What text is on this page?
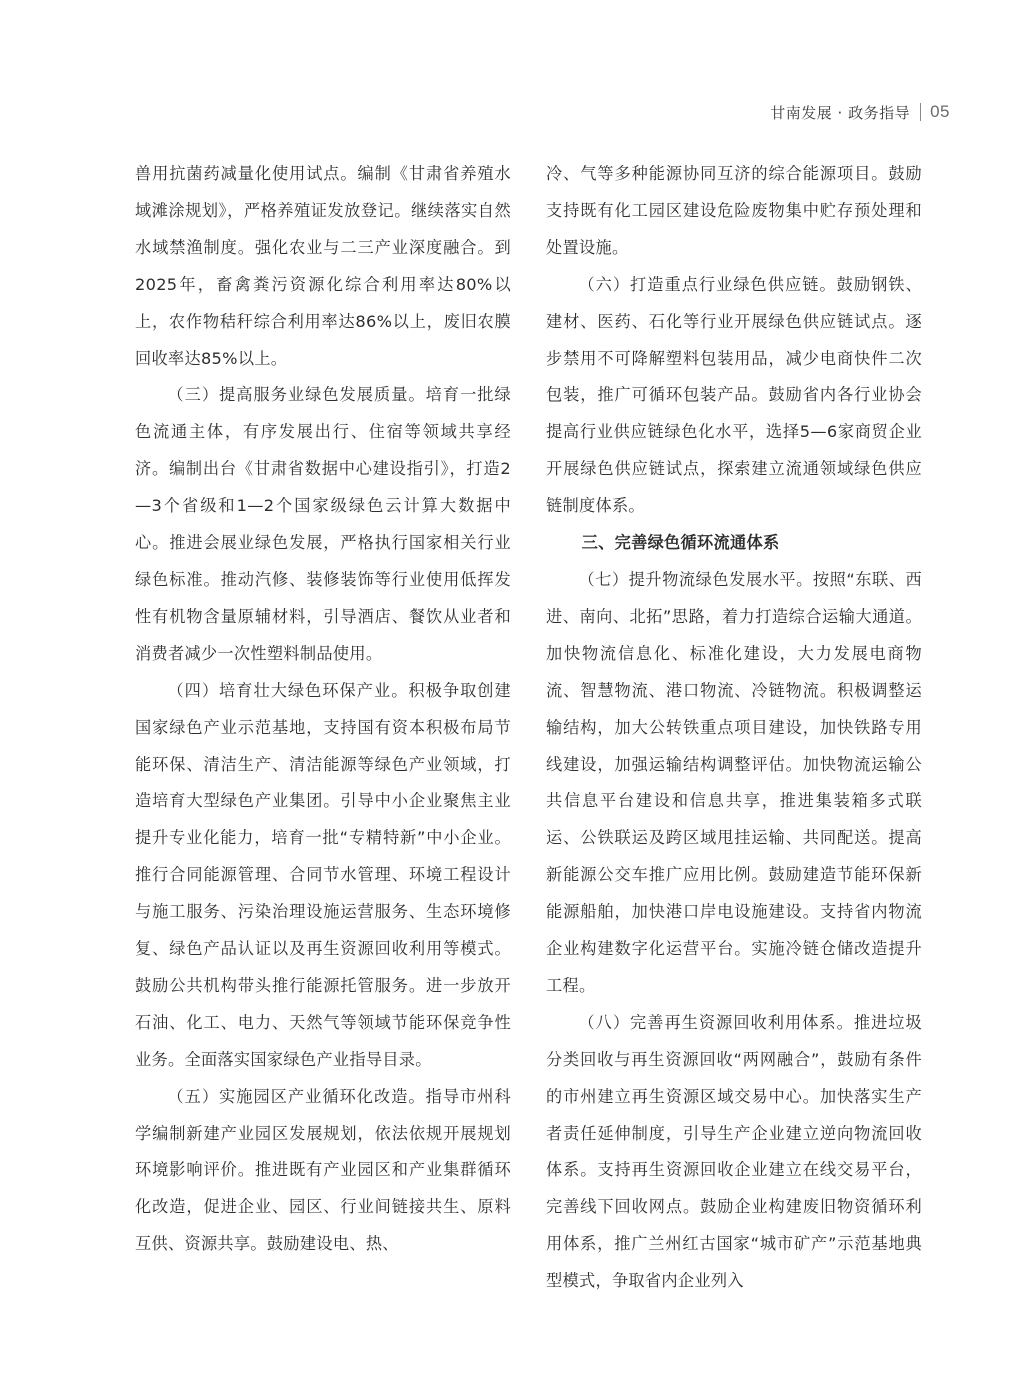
甘南发展 · 政务指导 05

兽用抗菌药减量化使用试点。编制《甘肃省养殖水域滩涂规划》，严格养殖证发放登记。继续落实自然水域禁渔制度。强化农业与二三产业深度融合。到2025年，畜禽粪污资源化综合利用率达80%以上，农作物秸秆综合利用率达86%以上，废旧农膜回收率达85%以上。

（三）提高服务业绿色发展质量。培育一批绿色流通主体，有序发展出行、住宿等领域共享经济。编制出台《甘肃省数据中心建设指引》，打造2—3个省级和1—2个国家级绿色云计算大数据中心。推进会展业绿色发展，严格执行国家相关行业绿色标准。推动汽修、装修装饰等行业使用低挥发性有机物含量原辅材料，引导酒店、餐饮从业者和消费者减少一次性塑料制品使用。

（四）培育壮大绿色环保产业。积极争取创建国家绿色产业示范基地，支持国有资本积极布局节能环保、清洁生产、清洁能源等绿色产业领域，打造培育大型绿色产业集团。引导中小企业聚焦主业提升专业化能力，培育一批“专精特新”中小企业。推行合同能源管理、合同节水管理、环境工程设计与施工服务、污染治理设施运营服务、生态环境修复、绿色产品认证以及再生资源回收利用等模式。鼓励公共机构带头推行能源托管服务。进一步放开石油、化工、电力、天然气等领域节能环保竞争性业务。全面落实国家绿色产业指导目录。

（五）实施园区产业循环化改造。指导市州科学编制新建产业园区发展规划，依法依规开展规划环境影响评价。推进既有产业园区和产业集群循环化改造，促进企业、园区、行业间链接共生、原料互供、资源共享。鼓励建设电、热、

冷、气等多种能源协同互济的综合能源项目。鼓励支持既有化工园区建设危险废物集中贮存预处理和处置设施。

（六）打造重点行业绿色供应链。鼓励钢铁、建材、医药、石化等行业开展绿色供应链试点。逐步禁用不可降解塑料包装用品，减少电商快件二次包装，推广可循环包装产品。鼓励省内各行业协会提高行业供应链绿色化水平，选择5—6家商贸企业开展绿色供应链试点，探索建立流通领域绿色供应链制度体系。

三、完善绿色循环流通体系

（七）提升物流绿色发展水平。按照“东联、西进、南向、北拓”思路，着力打造综合运输大通道。加快物流信息化、标准化建设，大力发展电商物流、智慧物流、港口物流、冷链物流。积极调整运输结构，加大公转铁重点项目建设，加快铁路专用线建设，加强运输结构调整评估。加快物流运输公共信息平台建设和信息共享，推进集装箱多式联运、公铁联运及跨区域甩挂运输、共同配送。提高新能源公交车推广应用比例。鼓励建造节能环保新能源船舶，加快港口岸电设施建设。支持省内物流企业构建数字化运营平台。实施冷链仓储改造提升工程。

（八）完善再生资源回收利用体系。推进垃圾分类回收与再生资源回收“两网融合”，鼓励有条件的市州建立再生资源区域交易中心。加快落实生产者责任延伸制度，引导生产企业建立逆向物流回收体系。支持再生资源回收企业建立在线交易平台，完善线下回收网点。鼓励企业构建废旧物资循环利用体系，推广兰州红古国家“城市矿产”示范基地典型模式，争取省内企业列入
